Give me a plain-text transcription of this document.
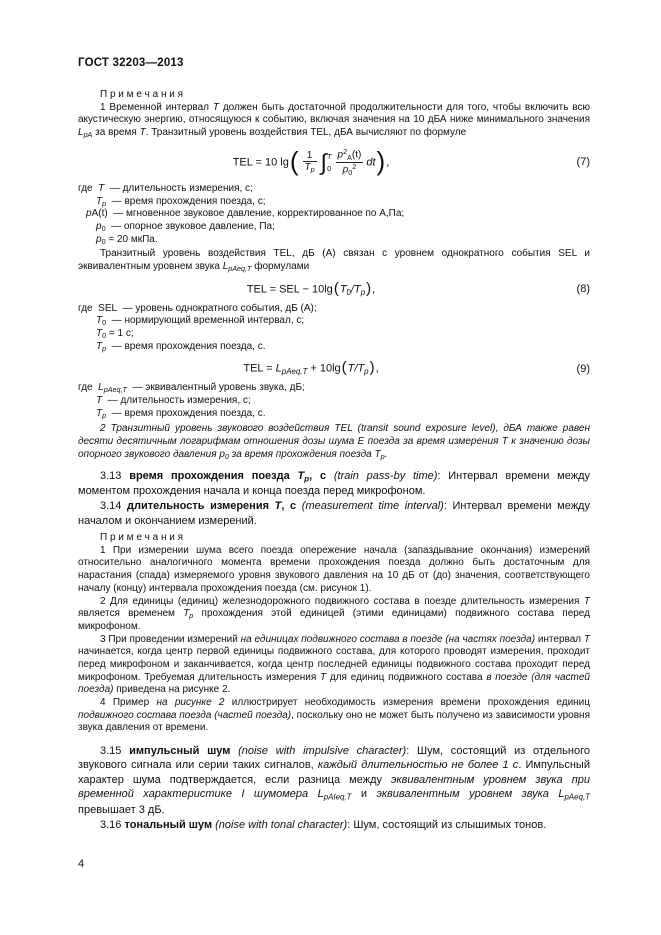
ГОСТ 32203—2013
П р и м е ч а н и я

1 Временной интервал T должен быть достаточной продолжительности для того, чтобы включить всю акустическую энергию, относящуюся к событию, включая значения на 10 дБА ниже минимального значения $L_{pA}$ за время T. Транзитный уровень воздействия TEL, дБА вычисляют по формуле

TEL = 10 $\lg( \frac{1}{T_p}$ ∫ T
$0 \frac{p^2_A(t)}{p_0^2} dt$),	(7)
где  T  — длительность измерения, с;
$T_p$  — время прохождения поезда, с;
pA(t)  — мгновенное звуковое давление, корректированное по А,Па;
$p_0$  — опорное звуковое давление, Па;
$p_0 = 20$ мкПа.

Транзитный уровень воздействия TEL, дБ (А) связан с уровнем однократного события SEL и эквивалентным уровнем звука $L_{pAeq,T}$ формулами

TEL = SEL − $10\lg(T_0/T_p)$,	(8)
где  SEL  — уровень однократного события, дБ (А);
$T_0$  — нормирующий временной интервал, с;
$T_0 = 1$ с;
$T_p$  — время прохождения поезда, с.
TEL = $L_{pAeq,T} + 10\lg(T/T_p)$,	(9)
где  $L_{pAeq,T}$  — эквивалентный уровень звука, дБ;
T  — длительность измерения, с;
$T_p$  — время прохождения поезда, с.

2 Транзитный уровень звукового воздействия TEL (transit sound exposure level), дБА также равен десяти десятичным логарифмам отношения дозы шума E поезда за время измерения T к значению дозы опорного звукового давления $p_0$ за время прохождения поезда $T_p$.

3.13 время прохождения поезда $T_p$, с (train pass-by time): Интервал времени между моментом прохождения начала и конца поезда перед микрофоном.

3.14 длительность измерения T, с (measurement time interval): Интервал времени между началом и окончанием измерений.

П р и м е ч а н и я

1 При измерении шума всего поезда опережение начала (запаздывание окончания) измерений относительно аналогичного момента времени прохождения поезда должно быть достаточным для нарастания (спада) измеряемого уровня звукового давления на 10 дБ от (до) значения, соответствующего началу (концу) интервала прохождения поезда (см. рисунок 1).

2 Для единицы (единиц) железнодорожного подвижного состава в поезде длительность измерения T является временем $T_p$ прохождения этой единицей (этими единицами) подвижного состава перед микрофоном.

3 При проведении измерений на единицах подвижного состава в поезде (на частях поезда) интервал T начинается, когда центр первой единицы подвижного состава, для которого проводят измерения, проходит перед микрофоном и заканчивается, когда центр последней единицы подвижного состава проходит перед микрофоном. Требуемая длительность измерения T для единиц подвижного состава в поезде (для частей поезда) приведена на рисунке 2.

4 Пример на рисунке 2 иллюстрирует необходимость измерения времени прохождения единиц подвижного состава поезда (частей поезда), поскольку оно не может быть получено из зависимости уровня звука давления от времени.

3.15 импульсный шум (noise with impulsive character): Шум, состоящий из отдельного звукового сигнала или серии таких сигналов, каждый длительностью не более 1 с. Импульсный характер шума подтверждается, если разница между эквивалентным уровнем звука при временной характеристике I шумомера $L_{pAIeq,T}$ и эквивалентным уровнем звука $L_{pAeq,T}$ превышает 3 дБ.

3.16 тональный шум (noise with tonal character): Шум, состоящий из слышимых тонов.

4
